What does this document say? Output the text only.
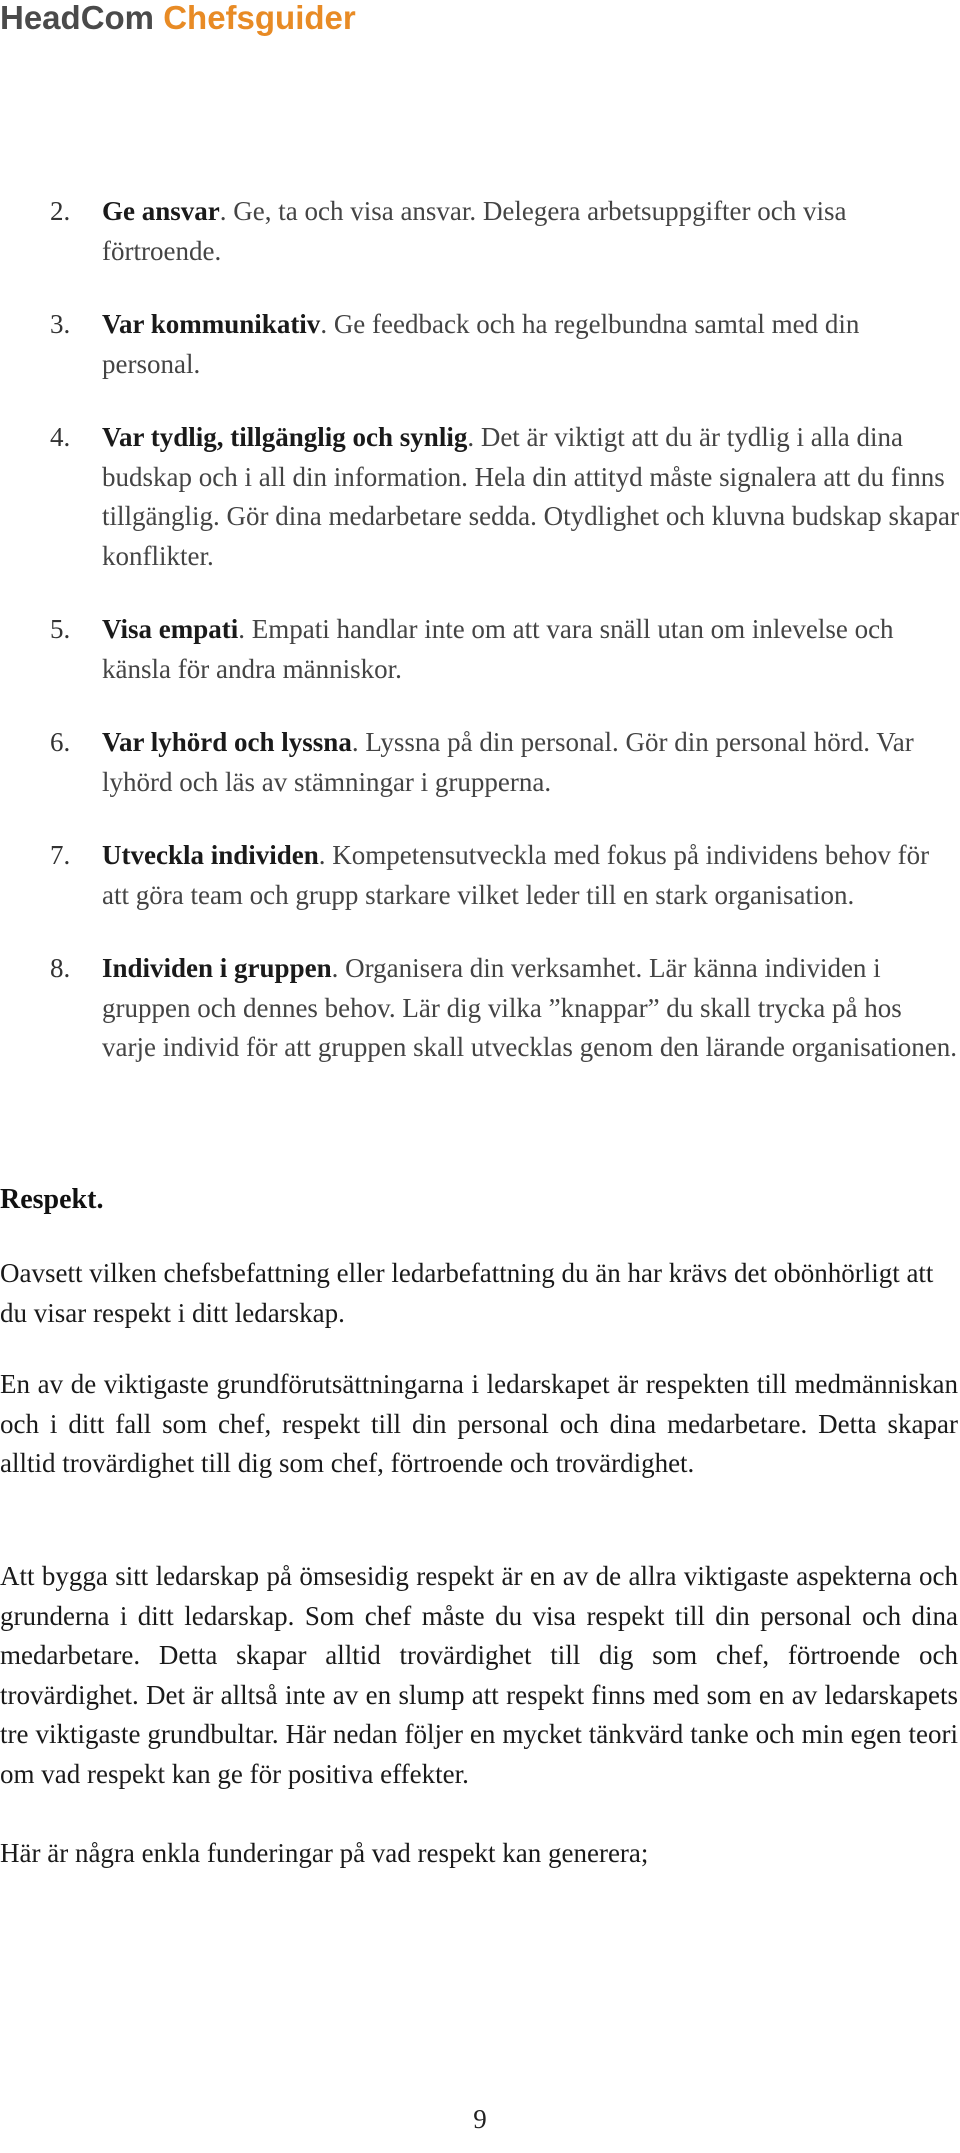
HeadCom Chefsguider
2. Ge ansvar. Ge, ta och visa ansvar. Delegera arbetsuppgifter och visa förtroende.
3. Var kommunikativ. Ge feedback och ha regelbundna samtal med din personal.
4. Var tydlig, tillgänglig och synlig. Det är viktigt att du är tydlig i alla dina budskap och i all din information. Hela din attityd måste signalera att du finns tillgänglig. Gör dina medarbetare sedda. Otydlighet och kluvna budskap skapar konflikter.
5. Visa empati. Empati handlar inte om att vara snäll utan om inlevelse och känsla för andra människor.
6. Var lyhörd och lyssna. Lyssna på din personal. Gör din personal hörd. Var lyhörd och läs av stämningar i grupperna.
7. Utveckla individen. Kompetensutveckla med fokus på individens behov för att göra team och grupp starkare vilket leder till en stark organisation.
8. Individen i gruppen. Organisera din verksamhet. Lär känna individen i gruppen och dennes behov. Lär dig vilka ”knappar” du skall trycka på hos varje individ för att gruppen skall utvecklas genom den lärande organisationen.
Respekt.

Oavsett vilken chefsbefattning eller ledarbefattning du än har krävs det obönhörligt att du visar respekt i ditt ledarskap.

En av de viktigaste grundförutsättningarna i ledarskapet är respekten till medmänniskan och i ditt fall som chef, respekt till din personal och dina medarbetare. Detta skapar alltid trovärdighet till dig som chef, förtroende och trovärdighet.

Att bygga sitt ledarskap på ömsesidig respekt är en av de allra viktigaste aspekterna och grunderna i ditt ledarskap. Som chef måste du visa respekt till din personal och dina medarbetare. Detta skapar alltid trovärdighet till dig som chef, förtroende och trovärdighet. Det är alltså inte av en slump att respekt finns med som en av ledarskapets tre viktigaste grundbultar. Här nedan följer en mycket tänkvärd tanke och min egen teori om vad respekt kan ge för positiva effekter.

Här är några enkla funderingar på vad respekt kan generera;

9
